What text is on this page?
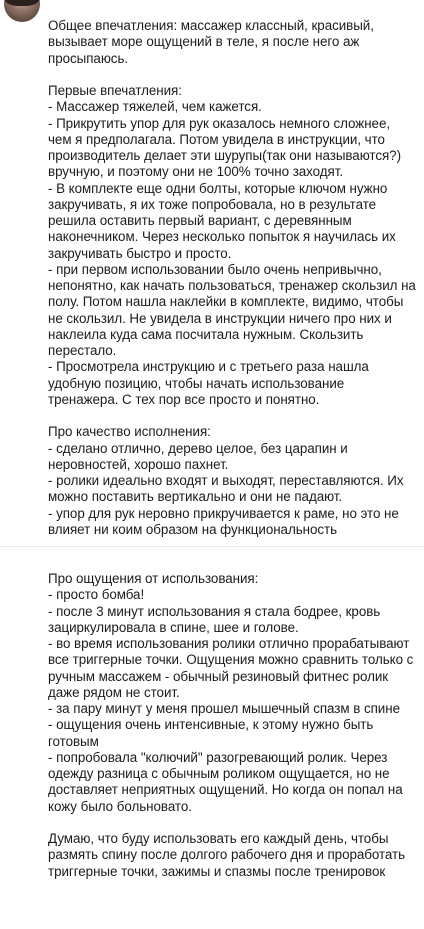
Общее впечатления: массажер классный, красивый, вызывает море ощущений в теле, я после него аж просыпаюсь.

Первые впечатления:
- Массажер тяжелей, чем кажется.
- Прикрутить упор для рук оказалось немного сложнее, чем я предполагала. Потом увидела в инструкции, что производитель делает эти шурупы(так они называются?) вручную, и поэтому они не 100% точно заходят.
- В комплекте еще одни болты, которые ключом нужно закручивать, я их тоже попробовала, но в результате решила оставить первый вариант, с деревянным наконечником. Через несколько попыток я научилась их закручивать быстро и просто.
- при первом использовании было очень непривычно, непонятно, как начать пользоваться, тренажер скользил на полу. Потом нашла наклейки в комплекте, видимо, чтобы не скользил. Не увидела в инструкции ничего про них и наклеила куда сама посчитала нужным. Скользить перестало.
- Просмотрела инструкцию и с третьего раза нашла удобную позицию, чтобы начать использование тренажера. С тех пор все просто и понятно.

Про качество исполнения:
- сделано отлично, дерево целое, без царапин и неровностей, хорошо пахнет.
- ролики идеально входят и выходят, переставляются. Их можно поставить вертикально и они не падают.
- упор для рук неровно прикручивается к раме, но это не влияет ни коим образом на функциональность

Про ощущения от использования:
- просто бомба!
- после 3 минут использования я стала бодрее, кровь зациркулировала в спине, шее и голове.
- во время использования ролики отлично прорабатывают все триггерные точки. Ощущения можно сравнить только с ручным массажем - обычный резиновый фитнес ролик даже рядом не стоит.
- за пару минут у меня прошел мышечный спазм в спине
- ощущения очень интенсивные, к этому нужно быть готовым
- попробовала "колючий" разогревающий ролик. Через одежду разница с обычным роликом ощущается, но не доставляет неприятных ощущений. Но когда он попал на кожу было больновато.

Думаю, что буду использовать его каждый день, чтобы размять спину после долгого рабочего дня и проработать триггерные точки, зажимы и спазмы после тренировок
